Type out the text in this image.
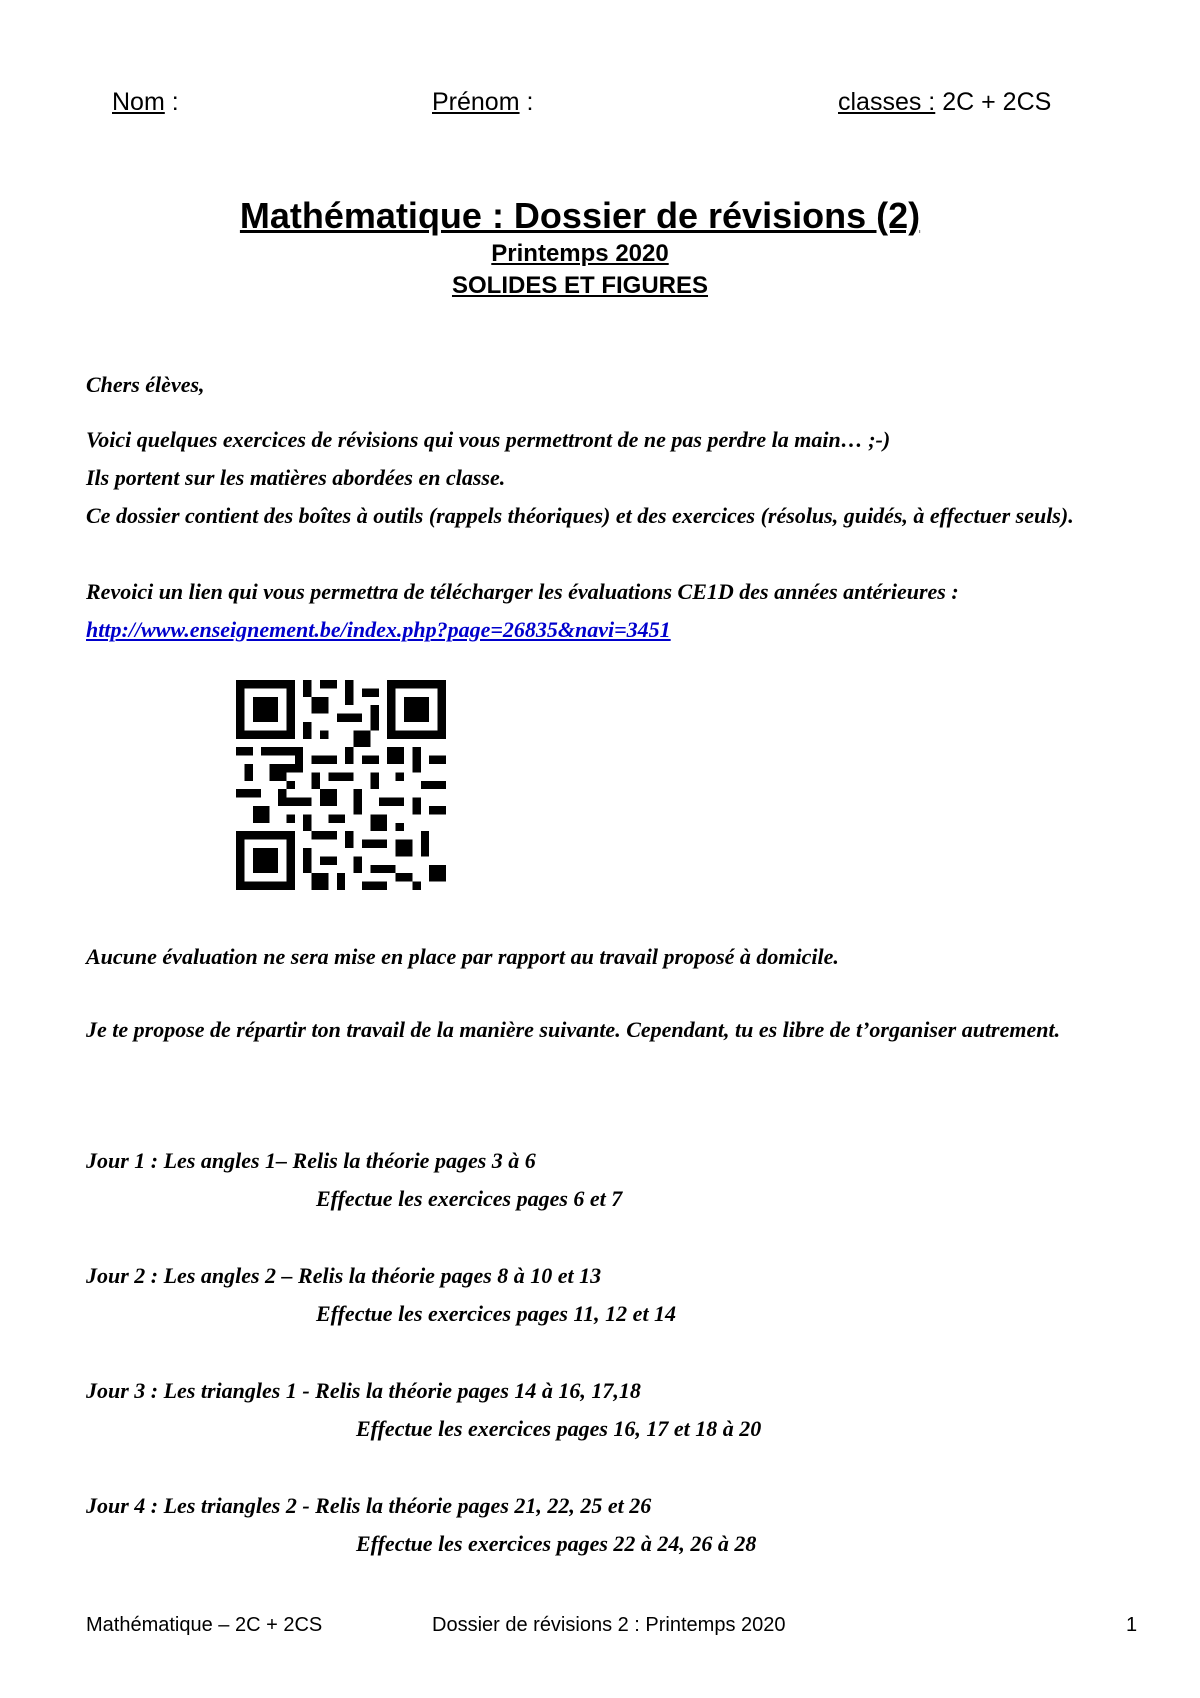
Nom :	Prénom :	classes : 2C + 2CS
Mathématique : Dossier de révisions (2)
Printemps 2020
SOLIDES ET FIGURES
Chers élèves,
Voici quelques exercices de révisions qui vous permettront de ne pas perdre la main… ;-)
Ils portent sur les matières abordées en classe.
Ce dossier contient des boîtes à outils (rappels théoriques) et des exercices (résolus, guidés, à effectuer seuls).
Revoici un lien qui vous permettra de télécharger les évaluations CE1D des années antérieures :
http://www.enseignement.be/index.php?page=26835&navi=3451
Aucune évaluation ne sera mise en place par rapport au travail proposé à domicile.
Je te propose de répartir ton travail de la manière suivante. Cependant, tu es libre de t’organiser autrement.
Jour 1 : Les angles 1– Relis la théorie pages 3 à 6
Effectue les exercices pages 6 et 7
Jour 2 : Les angles 2 – Relis la théorie pages 8 à 10 et 13
Effectue les exercices pages 11, 12 et 14
Jour 3 : Les triangles 1 - Relis la théorie pages 14 à 16, 17,18
Effectue les exercices pages 16, 17 et 18 à 20
Jour 4 : Les triangles 2 - Relis la théorie pages 21, 22, 25 et 26
Effectue les exercices pages 22 à 24, 26 à 28
Mathématique – 2C + 2CS	Dossier de révisions 2 : Printemps 2020	1
